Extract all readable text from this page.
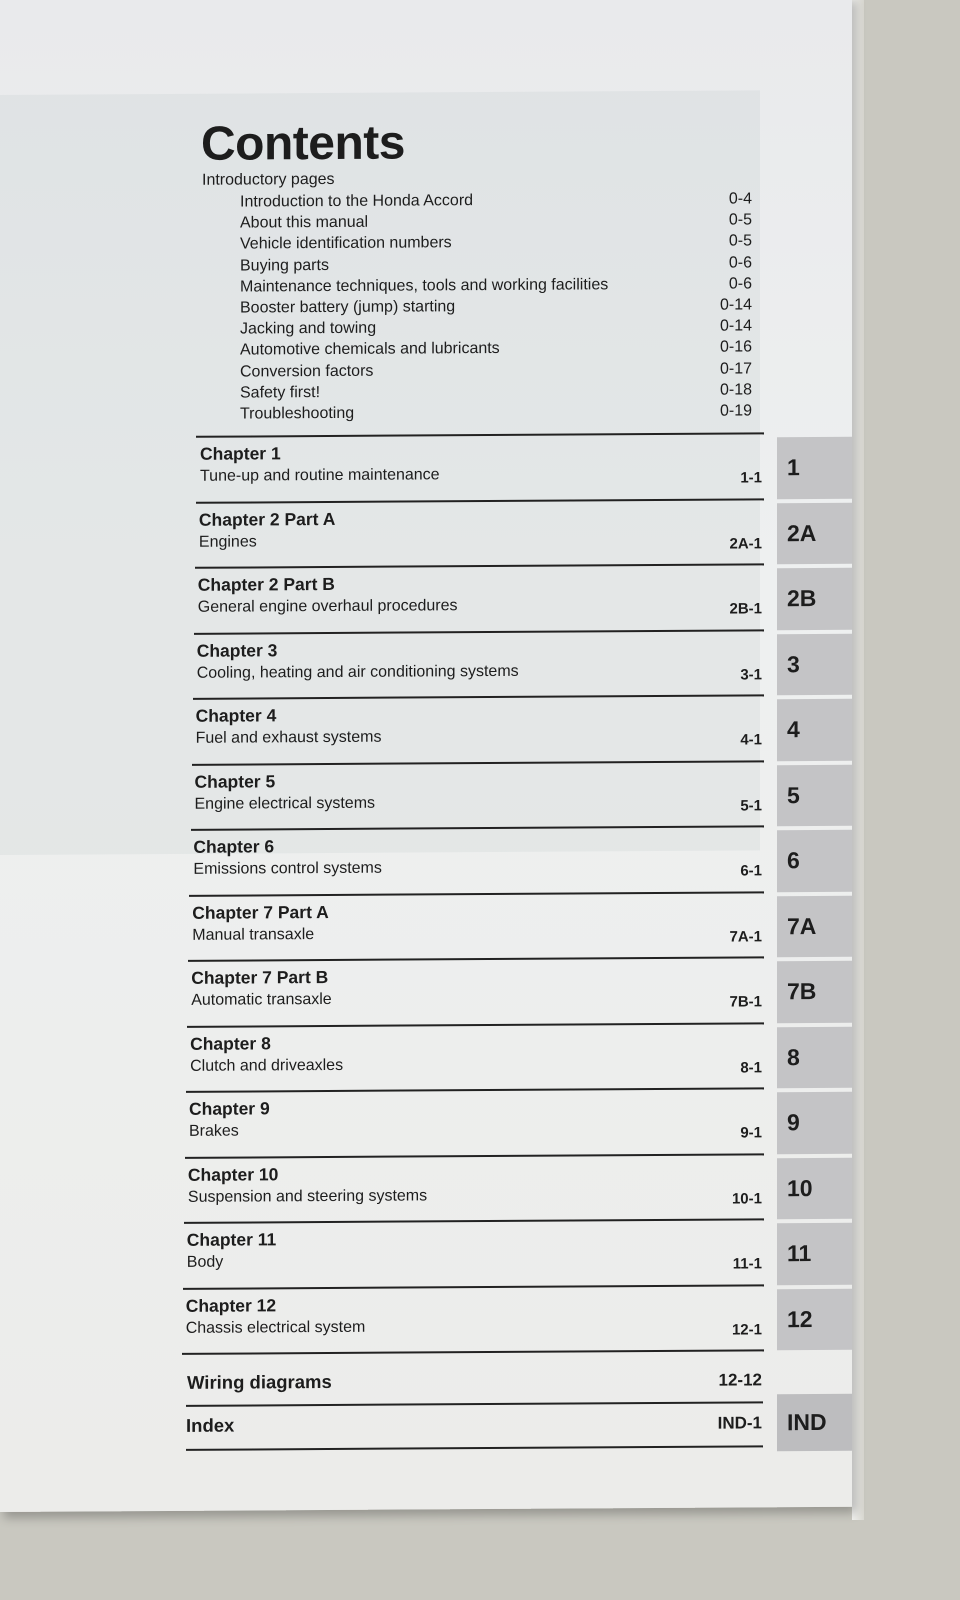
Contents
Introductory pages
Introduction to the Honda Accord	0-4
About this manual	0-5
Vehicle identification numbers	0-5
Buying parts	0-6
Maintenance techniques, tools and working facilities	0-6
Booster battery (jump) starting	0-14
Jacking and towing	0-14
Automotive chemicals and lubricants	0-16
Conversion factors	0-17
Safety first!	0-18
Troubleshooting	0-19
Chapter 1
Tune-up and routine maintenance	1-1	1
Chapter 2 Part A
Engines	2A-1	2A
Chapter 2 Part B
General engine overhaul procedures	2B-1	2B
Chapter 3
Cooling, heating and air conditioning systems	3-1	3
Chapter 4
Fuel and exhaust systems	4-1	4
Chapter 5
Engine electrical systems	5-1	5
Chapter 6
Emissions control systems	6-1	6
Chapter 7 Part A
Manual transaxle	7A-1	7A
Chapter 7 Part B
Automatic transaxle	7B-1	7B
Chapter 8
Clutch and driveaxles	8-1	8
Chapter 9
Brakes	9-1	9
Chapter 10
Suspension and steering systems	10-1	10
Chapter 11
Body	11-1	11
Chapter 12
Chassis electrical system	12-1	12
Wiring diagrams	12-12
Index	IND-1	IND
